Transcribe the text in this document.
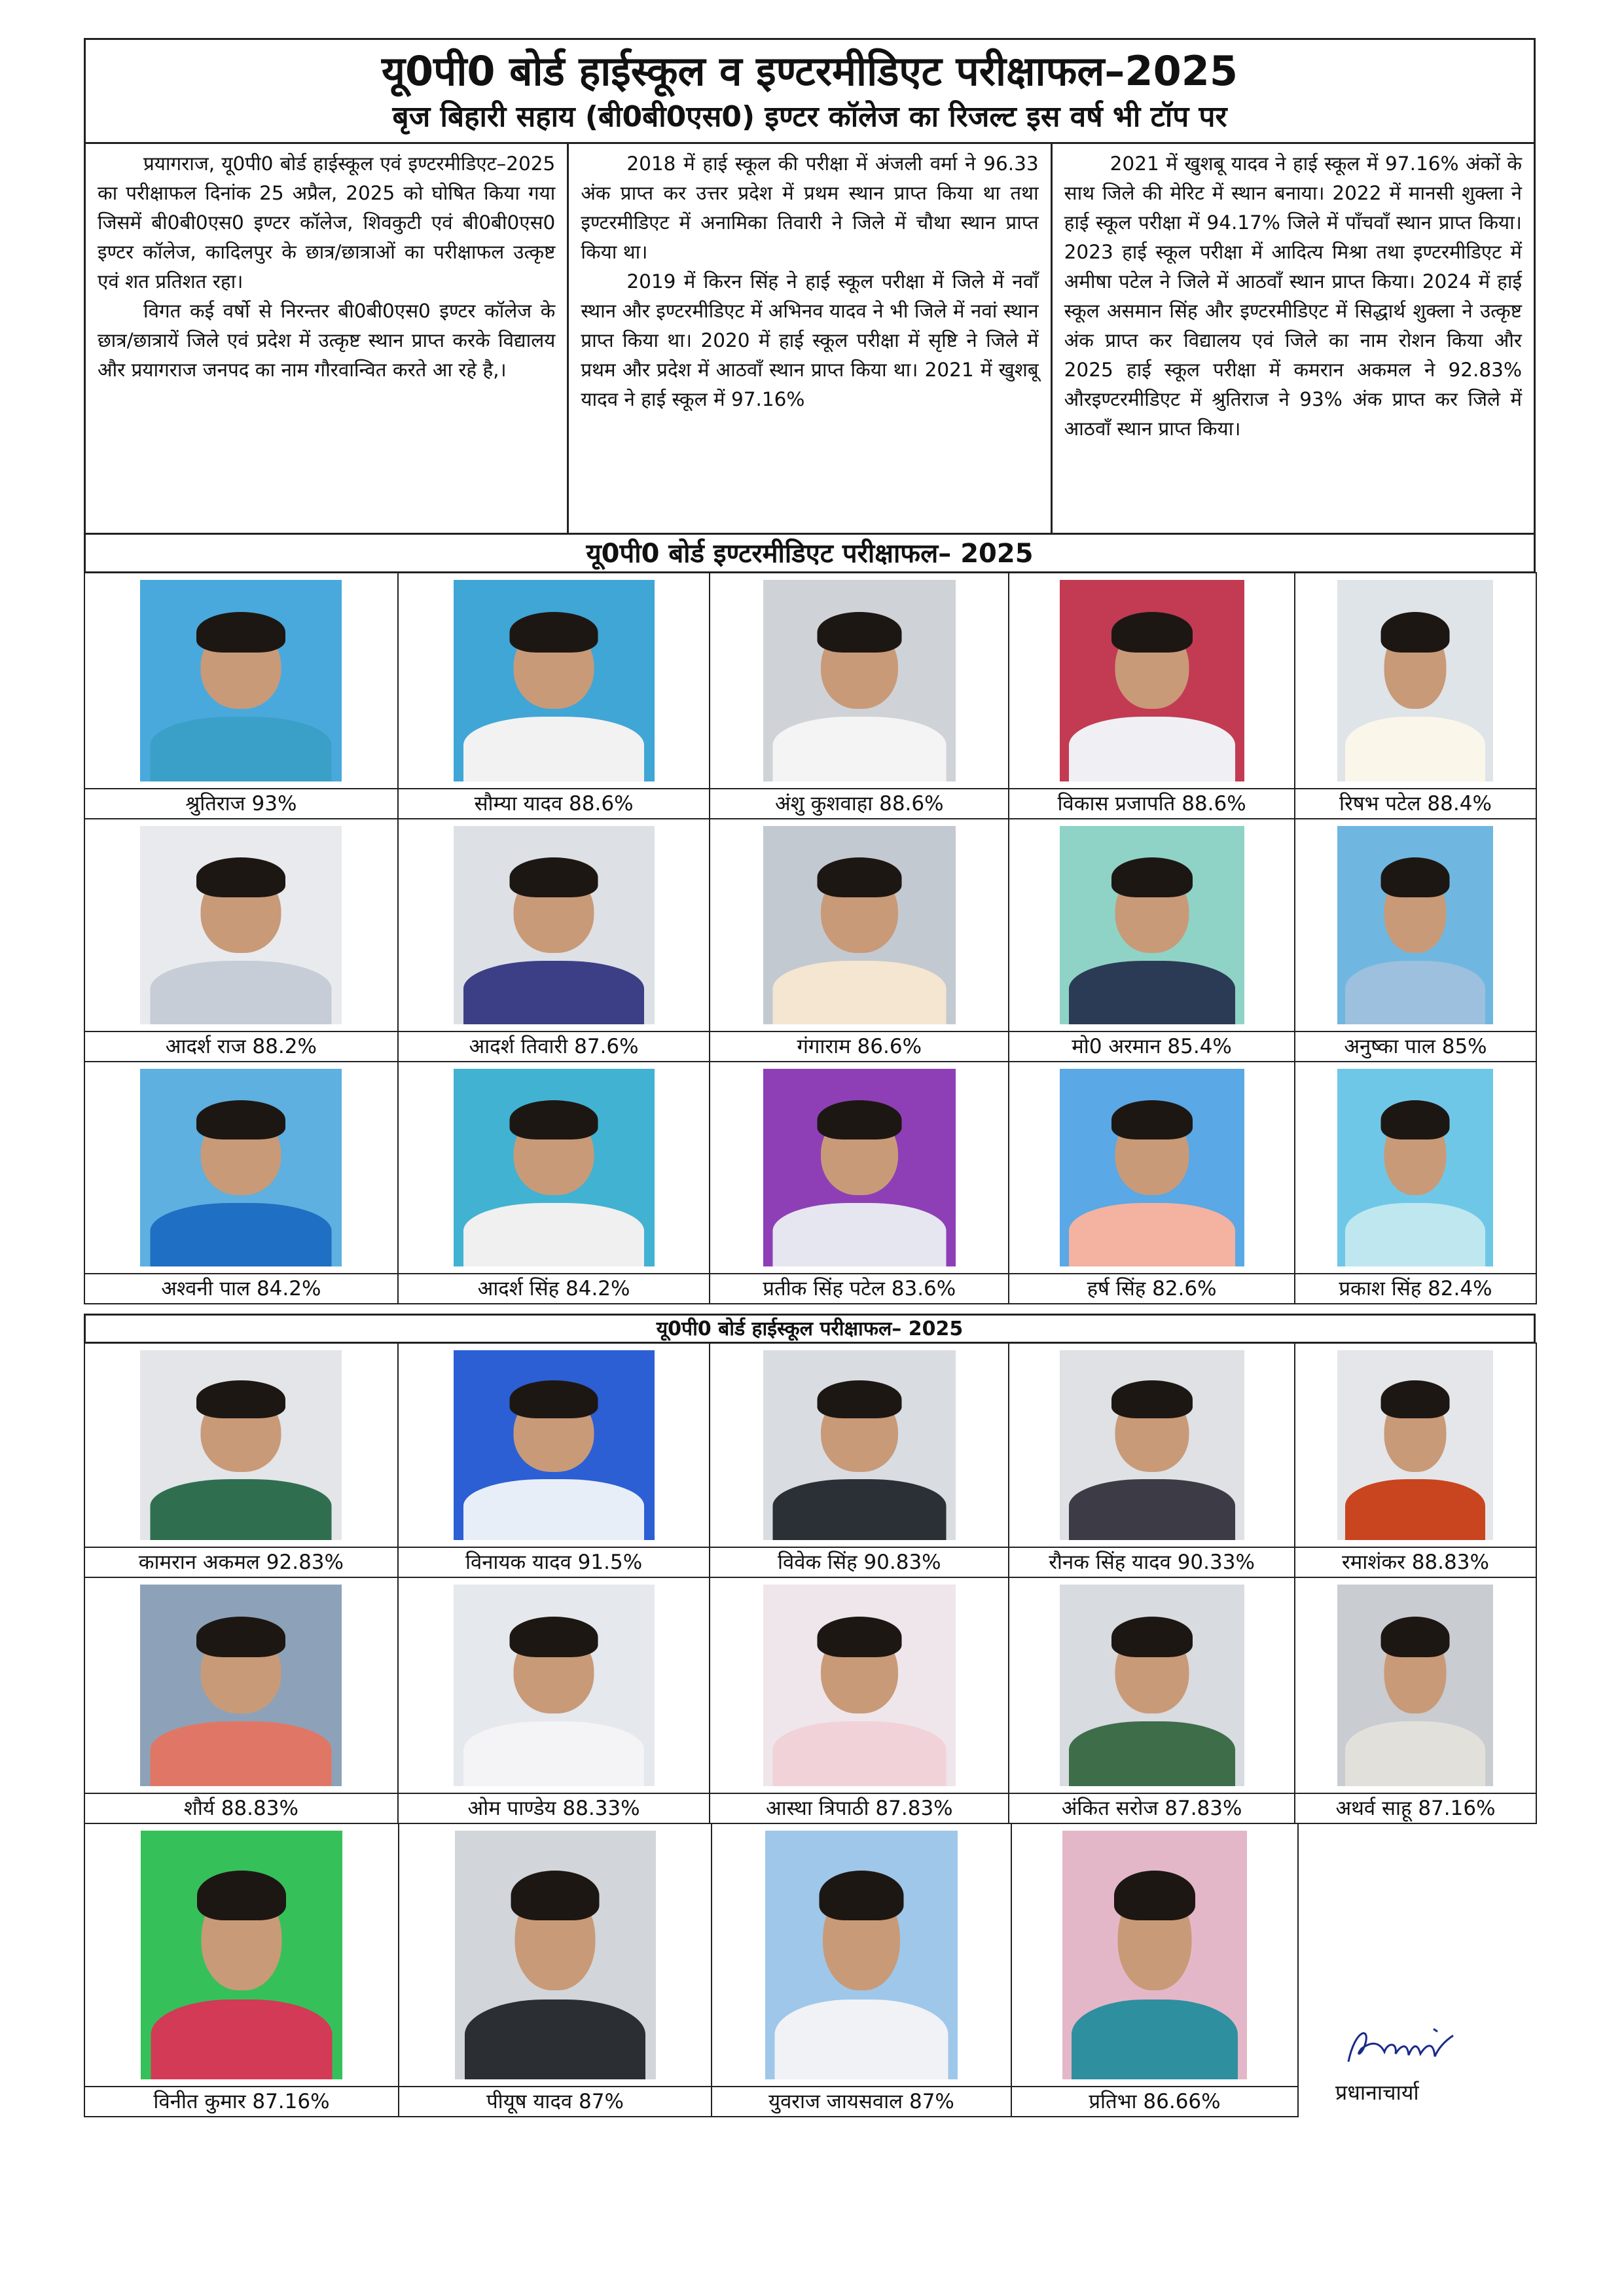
यू0पी0 बोर्ड हाईस्कूल व इण्टरमीडिएट परीक्षाफल–2025
बृज बिहारी सहाय (बी0बी0एस0) इण्टर कॉलेज का रिजल्ट इस वर्ष भी टॉप पर

प्रयागराज, यू0पी0 बोर्ड हाईस्कूल एवं इण्टरमीडिएट–2025 का परीक्षाफल दिनांक 25 अप्रैल, 2025 को घोषित किया गया जिसमें बी0बी0एस0 इण्टर कॉलेज, शिवकुटी एवं बी0बी0एस0 इण्टर कॉलेज, कादिलपुर के छात्र/छात्राओं का परीक्षाफल उत्कृष्ट एवं शत प्रतिशत रहा।

विगत कई वर्षो से निरन्तर बी0बी0एस0 इण्टर कॉलेज के छात्र/छात्रायें जिले एवं प्रदेश में उत्कृष्ट स्थान प्राप्त करके विद्यालय और प्रयागराज जनपद का नाम गौरवान्वित करते आ रहे है,।

2018 में हाई स्कूल की परीक्षा में अंजली वर्मा ने 96.33 अंक प्राप्त कर उत्तर प्रदेश में प्रथम स्थान प्राप्त किया था तथा इण्टरमीडिएट में अनामिका तिवारी ने जिले में चौथा स्थान प्राप्त किया था।

2019 में किरन सिंह ने हाई स्कूल परीक्षा में जिले में नवाँ स्थान और इण्टरमीडिएट में अभिनव यादव ने भी जिले में नवां स्थान प्राप्त किया था। 2020 में हाई स्कूल परीक्षा में सृष्टि ने जिले में प्रथम और प्रदेश में आठवाँ स्थान प्राप्त किया था। 2021 में खुशबू यादव ने हाई स्कूल में 97.16%

2021 में खुशबू यादव ने हाई स्कूल में 97.16% अंकों के साथ जिले की मेरिट में स्थान बनाया। 2022 में मानसी शुक्ला ने हाई स्कूल परीक्षा में 94.17% जिले में पाँचवाँ स्थान प्राप्त किया। 2023 हाई स्कूल परीक्षा में आदित्य मिश्रा तथा इण्टरमीडिएट में अमीषा पटेल ने जिले में आठवाँ स्थान प्राप्त किया। 2024 में हाई स्कूल असमान सिंह और इण्टरमीडिएट में सिद्धार्थ शुक्ला ने उत्कृष्ट अंक प्राप्त कर विद्यालय एवं जिले का नाम रोशन किया और 2025 हाई स्कूल परीक्षा में कमरान अकमल ने 92.83% औरइण्टरमीडिएट में श्रुतिराज ने 93% अंक प्राप्त कर जिले में आठवाँ स्थान प्राप्त किया।

यू0पी0 बोर्ड इण्टरमीडिएट परीक्षाफल– 2025
श्रुतिराज 93%	सौम्या यादव 88.6%	अंशु कुशवाहा 88.6%	विकास प्रजापति 88.6%	रिषभ पटेल 88.4%
आदर्श राज 88.2%	आदर्श तिवारी 87.6%	गंगाराम 86.6%	मो0 अरमान 85.4%	अनुष्का पाल 85%
अश्वनी पाल 84.2%	आदर्श सिंह 84.2%	प्रतीक सिंह पटेल 83.6%	हर्ष सिंह 82.6%	प्रकाश सिंह 82.4%
यू0पी0 बोर्ड हाईस्कूल परीक्षाफल– 2025
कामरान अकमल 92.83%	विनायक यादव 91.5%	विवेक सिंह 90.83%	रौनक सिंह यादव 90.33%	रमाशंकर 88.83%
शौर्य 88.83%	ओम पाण्डेय 88.33%	आस्था त्रिपाठी 87.83%	अंकित सरोज 87.83%	अथर्व साहू 87.16%
विनीत कुमार 87.16%	पीयूष यादव 87%	युवराज जायसवाल 87%	प्रतिभा 86.66%	प्रधानाचार्या
